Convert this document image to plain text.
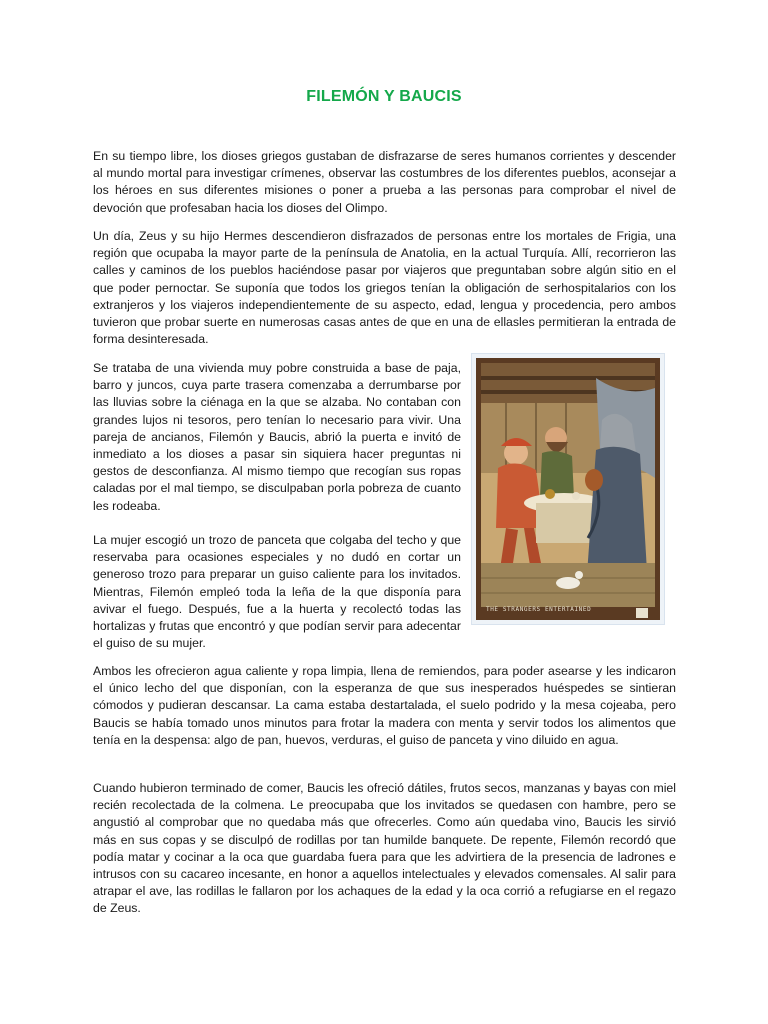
FILEMÓN Y BAUCIS

En su tiempo libre, los dioses griegos gustaban de disfrazarse de seres humanos corrientes y descender al mundo mortal para investigar crímenes, observar las costumbres de los diferentes pueblos, aconsejar a los héroes en sus diferentes misiones o poner a prueba a las personas para comprobar el nivel de devoción que profesaban hacia los dioses del Olimpo.

Un día, Zeus y su hijo Hermes descendieron disfrazados de personas entre los mortales de Frigia, una región que ocupaba la mayor parte de la península de Anatolia, en la actual Turquía. Allí, recorrieron las calles y caminos de los pueblos haciéndose pasar por viajeros que preguntaban sobre algún sitio en el que poder pernoctar. Se suponía que todos los griegos tenían la obligación de serhospitalarios con los extranjeros y los viajeros independientemente de su aspecto, edad, lengua y procedencia, pero ambos tuvieron que probar suerte en numerosas casas antes de que en una de ellasles permitieran la entrada de forma desinteresada.

Se trataba de una vivienda muy pobre construida a base de paja, barro y juncos, cuya parte trasera comenzaba a derrumbarse por las lluvias sobre la ciénaga en la que se alzaba. No contaban con grandes lujos ni tesoros, pero tenían lo necesario para vivir. Una pareja de ancianos, Filemón y Baucis, abrió la puerta e invitó de inmediato a los dioses a pasar sin siquiera hacer preguntas ni gestos de desconfianza. Al mismo tiempo que recogían sus ropas caladas por el mal tiempo, se disculpaban porla pobreza de cuanto les rodeaba.

La mujer escogió un trozo de panceta que colgaba del techo y que reservaba para ocasiones especiales y no dudó en cortar un generoso trozo para preparar un guiso caliente para los invitados. Mientras, Filemón empleó toda la leña de la que disponía para avivar el fuego. Después, fue a la huerta y recolectó todas las hortalizas y frutas que encontró y que podían servir para adecentar el guiso de su mujer.

Ambos les ofrecieron agua caliente y ropa limpia, llena de remiendos, para poder asearse y les indicaron el único lecho del que disponían, con la esperanza de que sus inesperados huéspedes se sintieran cómodos y pudieran descansar. La cama estaba destartalada, el suelo podrido y la mesa cojeaba, pero Baucis se había tomado unos minutos para frotar la madera con menta y servir todos los alimentos que tenía en la despensa: algo de pan, huevos, verduras, el guiso de panceta y vino diluido en agua.

Cuando hubieron terminado de comer, Baucis les ofreció dátiles, frutos secos, manzanas y bayas con miel recién recolectada de la colmena. Le preocupaba que los invitados se quedasen con hambre, pero se angustió al comprobar que no quedaba más que ofrecerles. Como aún quedaba vino, Baucis les sirvió más en sus copas y se disculpó de rodillas por tan humilde banquete. De repente, Filemón recordó que podía matar y cocinar a la oca que guardaba fuera para que les advirtiera de la presencia de ladrones e intrusos con su cacareo incesante, en honor a aquellos intelectuales y elevados comensales. Al salir para atrapar el ave, las rodillas le fallaron por los achaques de la edad y la oca corrió a refugiarse en el regazo de Zeus.

THE STRANGERS ENTERTAINED
